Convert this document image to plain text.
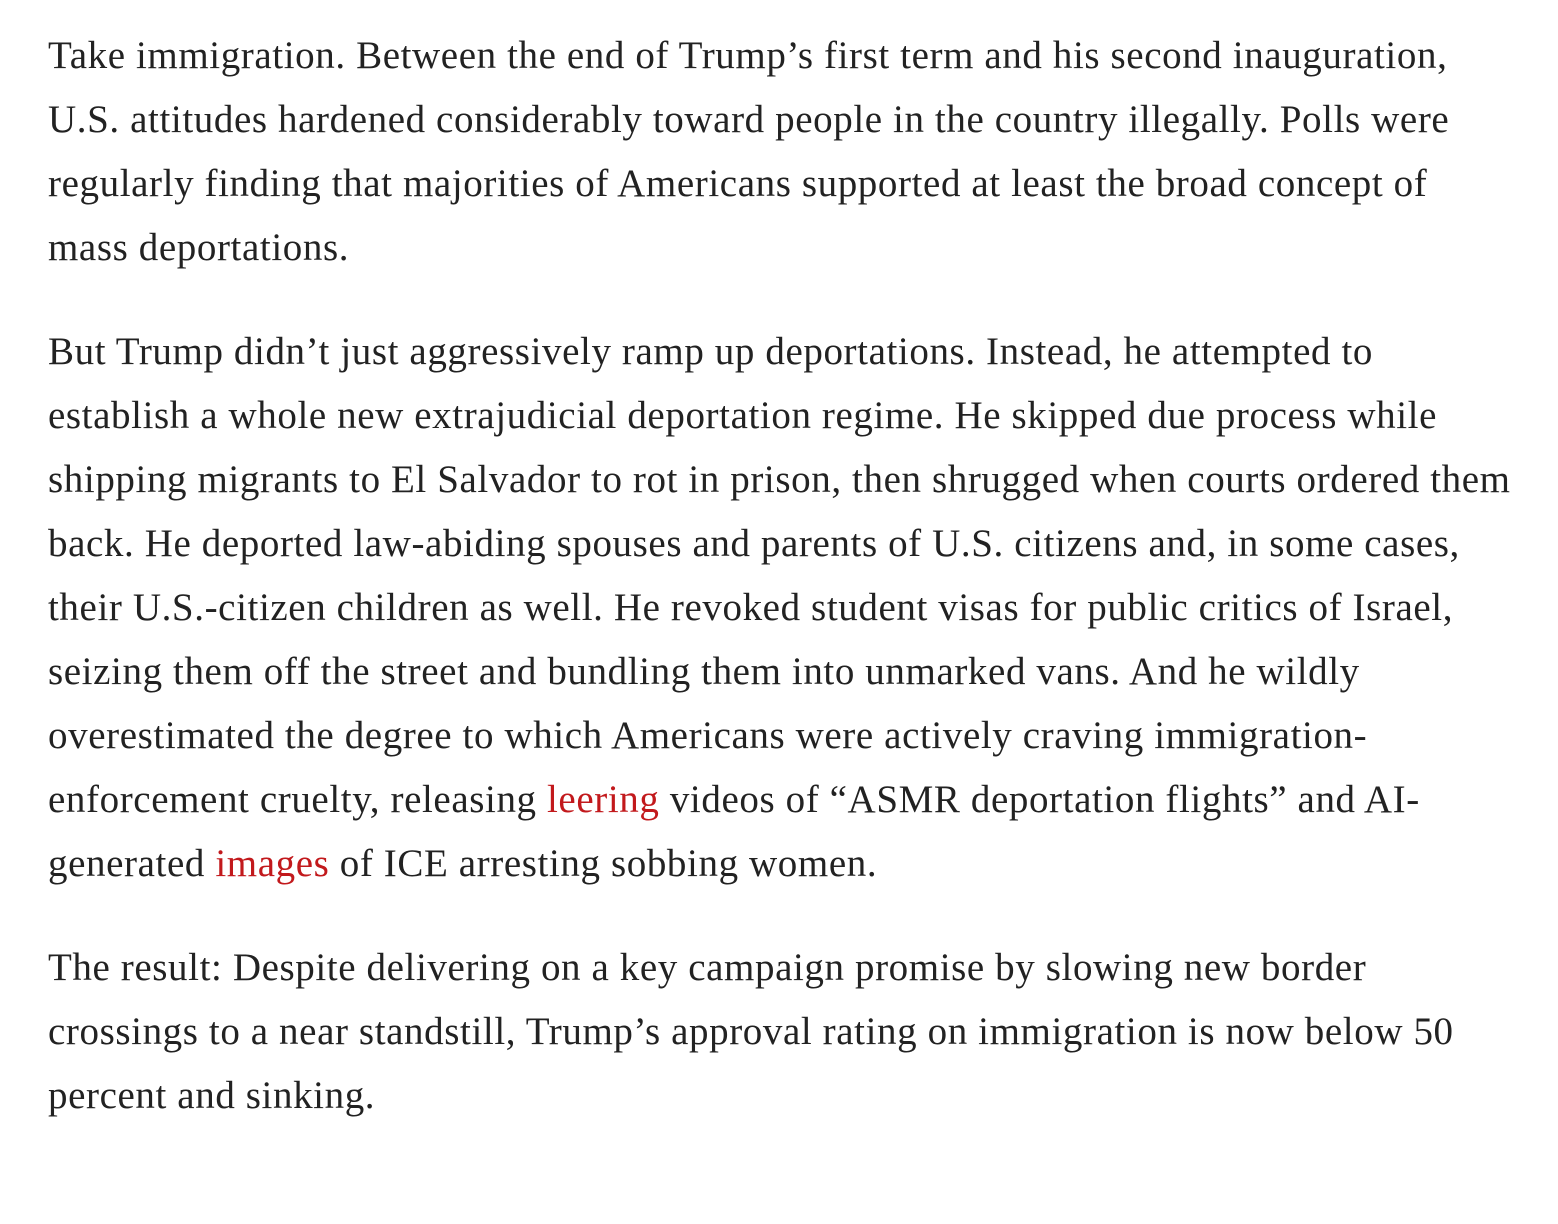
Take immigration. Between the end of Trump’s first term and his second inauguration, U.S. attitudes hardened considerably toward people in the country illegally. Polls were regularly finding that majorities of Americans supported at least the broad concept of mass deportations.

But Trump didn’t just aggressively ramp up deportations. Instead, he attempted to establish a whole new extrajudicial deportation regime. He skipped due process while shipping migrants to El Salvador to rot in prison, then shrugged when courts ordered them back. He deported law-abiding spouses and parents of U.S. citizens and, in some cases, their U.S.-citizen children as well. He revoked student visas for public critics of Israel, seizing them off the street and bundling them into unmarked vans. And he wildly overestimated the degree to which Americans were actively craving immigration-enforcement cruelty, releasing leering videos of “ASMR deportation flights” and AI-generated images of ICE arresting sobbing women.

The result: Despite delivering on a key campaign promise by slowing new border crossings to a near standstill, Trump’s approval rating on immigration is now below 50 percent and sinking.
